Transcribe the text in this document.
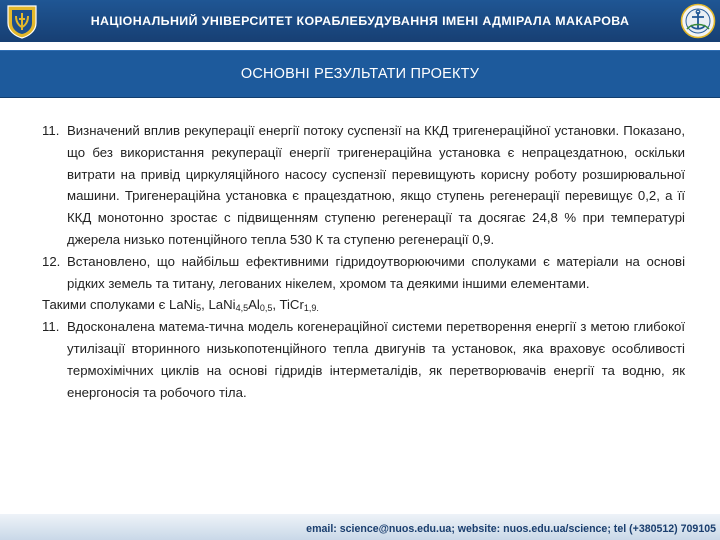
НАЦІОНАЛЬНИЙ УНІВЕРСИТЕТ КОРАБЛЕБУДУВАННЯ ІМЕНІ АДМІРАЛА МАКАРОВА
ОСНОВНІ РЕЗУЛЬТАТИ ПРОЕКТУ
11. Визначений вплив рекуперації енергії потоку суспензії на ККД тригенераційної установки. Показано, що без використання рекуперації енергії тригенераційна установка є непрацездатною, оскільки витрати на привід циркуляційного насосу суспензії перевищують корисну роботу розширювальної машини. Тригенераційна установка є працездатною, якщо ступень регенерації перевищує 0,2, а її ККД монотонно зростає с підвищенням ступеню регенерації та досягає 24,8 % при температурі джерела низько потенційного тепла 530 К та ступеню регенерації 0,9.
12. Встановлено, що найбільш ефективними гідридоутворюючими сполуками є матеріали на основі рідких земель та титану, легованих нікелем, хромом та деякими іншими елементами.
Такими сполуками є LaNi$_5$, $LaNi_{4,5}Al_{0,5}$, TiCr$_{1,9.}$
11. Вдосконалена матема-тична модель когенераційної системи перетворення енергії з метою глибокої утилізації вторинного низькопотенційного тепла двигунів та установок, яка враховує особливості термохімічних циклів на основі гідридів інтерметалідів, як перетворювачів енергії та водню, як енергоносія та робочого тіла.
email: science@nuos.edu.ua; website: nuos.edu.ua/science; tel (+380512) 709105
